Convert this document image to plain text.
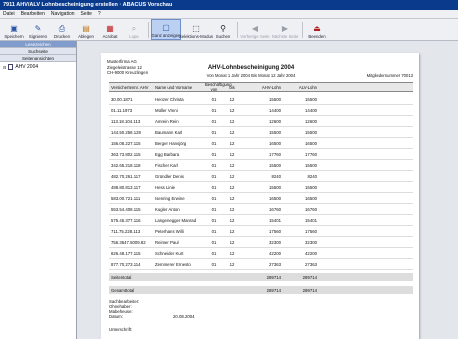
7911 AHV/ALV Lohnbescheinigung erstellen · ABACUS Vorschau
Datei Bearbeiten Navigation Seite ?
▣
Speichern
✎
Signieren
⎙
Drucken
▤
Ablegen
▦
Acrobat
⌕
Lupe
▢
Ganz anzeigen
⬚
Selektions-Modus
⚲
Suchen
◀
Vorherige Seite
▶
Nächste Seite
⏏
Beenden
Lesezeichen
Suchseite
Seitenansichten
⊟ AHV 2004
Musterfirma AG
Ziegeleistrasse 12
CH-9000 Kreuzlingen
AHV-Lohnbescheinigung 2004
Von Monat 1 Jahr 2004 Bis Monat 12 Jahr 2004	Mitgliedernummer 70013
Versichertennr. AHV	Name und Vorname	Beschäftigung von	bis	AHV-Lohn	ALV-Lohn
30.00.1871	Henzer Christa	01	12	15500	15500
01.11.1973	Müller Vreni	01	12	14400	14400
113.18.104.113	Amrein Rein	01	12	12600	12600
144.50.258.128	Baumann Karl	01	12	15500	15500
156.08.227.115	Berger Hansjörg	01	12	16500	16500
363.73.802.115	Egg Barbara	01	12	17760	17760
342.65.218.118	Fischer Karl	01	12	15500	15500
482.70.261.117	Gründler Denis	01	12	8240	8240
488.80.813.117	Hess Linie	01	12	15500	15500
583.00.721.111	Isenring Erwine	01	12	16500	16500
553.54.408.115	Kugler Anton	01	12	16760	16760
575.45.377.116	Langenegger Manrad	01	12	15401	15401
711.75.228.113	Peterhans Willi	01	12	17560	17560
756.3647.5009.82	Reimer Paul	01	12	32300	32300
826.48.177.115	Schneider Kurt	01	12	42200	42200
877.70.273.114	Zemmerer Ernesto	01	12	27363	27363
Seitentotal	289714	289714
Gesamttotal	289714	289714
Sachbearbeiter:
Ohnehaber:
Mabeheuse:
Datum:	20.08.2004
Unterschrift:
